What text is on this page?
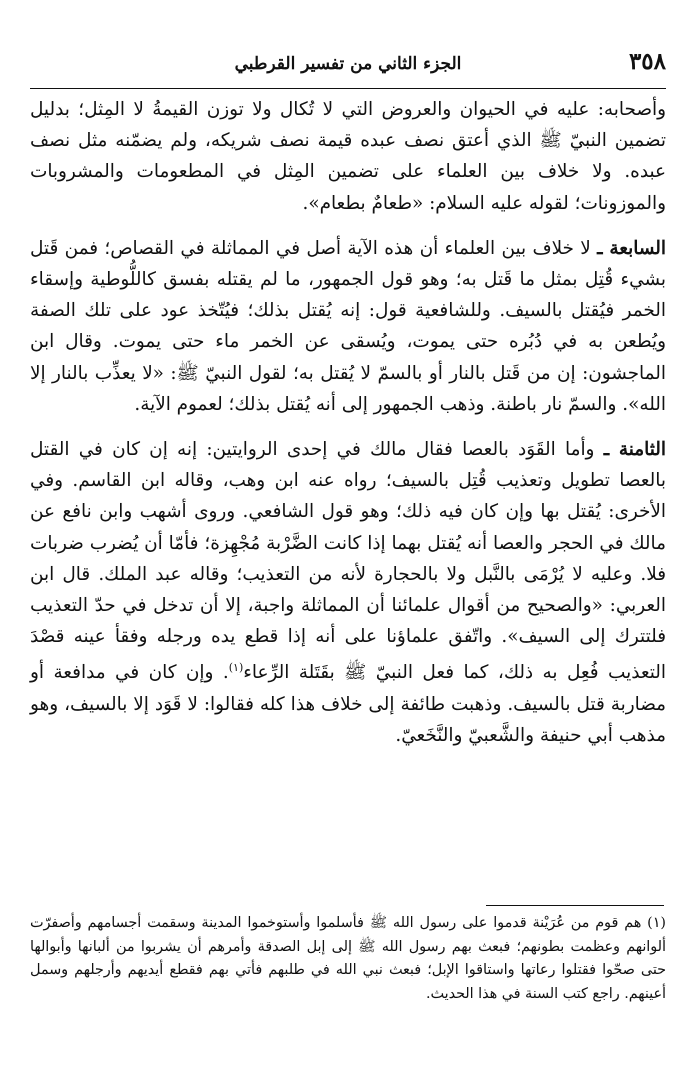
٣٥٨
الجزء الثاني من تفسير القرطبي

وأصحابه: عليه في الحيوان والعروض التي لا تُكال ولا توزن القيمةُ لا المِثل؛ بدليل تضمين النبيّ ﷺ الذي أعتق نصف عبده قيمة نصف شريكه، ولم يضمّنه مثل نصف عبده. ولا خلاف بين العلماء على تضمين المِثل في المطعومات والمشروبات والموزونات؛ لقوله عليه السلام: «طعامٌ بطعام».

السابعة ـ لا خلاف بين العلماء أن هذه الآية أصل في المماثلة في القصاص؛ فمن قَتل بشيء قُتِل بمثل ما قَتل به؛ وهو قول الجمهور، ما لم يقتله بفسق كاللُّوطية وإسقاء الخمر فيُقتل بالسيف. وللشافعية قول: إنه يُقتل بذلك؛ فيُتّخذ عود على تلك الصفة ويُطعن به في دُبُره حتى يموت، ويُسقى عن الخمر ماء حتى يموت. وقال ابن الماجشون: إن من قَتل بالنار أو بالسمّ لا يُقتل به؛ لقول النبيّ ﷺ: «لا يعذِّب بالنار إلا الله». والسمّ نار باطنة. وذهب الجمهور إلى أنه يُقتل بذلك؛ لعموم الآية.

الثامنة ـ وأما القَوَد بالعصا فقال مالك في إحدى الروايتين: إنه إن كان في القتل بالعصا تطويل وتعذيب قُتِل بالسيف؛ رواه عنه ابن وهب، وقاله ابن القاسم. وفي الأخرى: يُقتل بها وإن كان فيه ذلك؛ وهو قول الشافعي. وروى أشهب وابن نافع عن مالك في الحجر والعصا أنه يُقتل بهما إذا كانت الضَّرْبة مُجْهِزة؛ فأمّا أن يُضرب ضربات فلا. وعليه لا يُرْمَى بالنَّبل ولا بالحجارة لأنه من التعذيب؛ وقاله عبد الملك. قال ابن العربي: «والصحيح من أقوال علمائنا أن المماثلة واجبة، إلا أن تدخل في حدّ التعذيب فلتترك إلى السيف». واتّفق علماؤنا على أنه إذا قطع يده ورجله وفقأ عينه قصْدَ التعذيب فُعِل به ذلك، كما فعل النبيّ ﷺ بقَتَلة الرِّعاء$^{(١)}$. وإن كان في مدافعة أو مضاربة قتل بالسيف. وذهبت طائفة إلى خلاف هذا كله فقالوا: لا قَوَد إلا بالسيف، وهو مذهب أبي حنيفة والشَّعبيّ والنَّخَعيّ.

(١) هم قوم من عُرَيْنة قدموا على رسول الله ﷺ فأسلموا وأستوخموا المدينة وسقمت أجسامهم وأصفرّت ألوانهم وعظمت بطونهم؛ فبعث بهم رسول الله ﷺ إلى إبل الصدقة وأمرهم أن يشربوا من ألبانها وأبوالها حتى صحّوا فقتلوا رعاتها واستاقوا الإبل؛ فبعث نبي الله في طلبهم فأتي بهم فقطع أيديهم وأرجلهم وسمل أعينهم. راجع كتب السنة في هذا الحديث.
